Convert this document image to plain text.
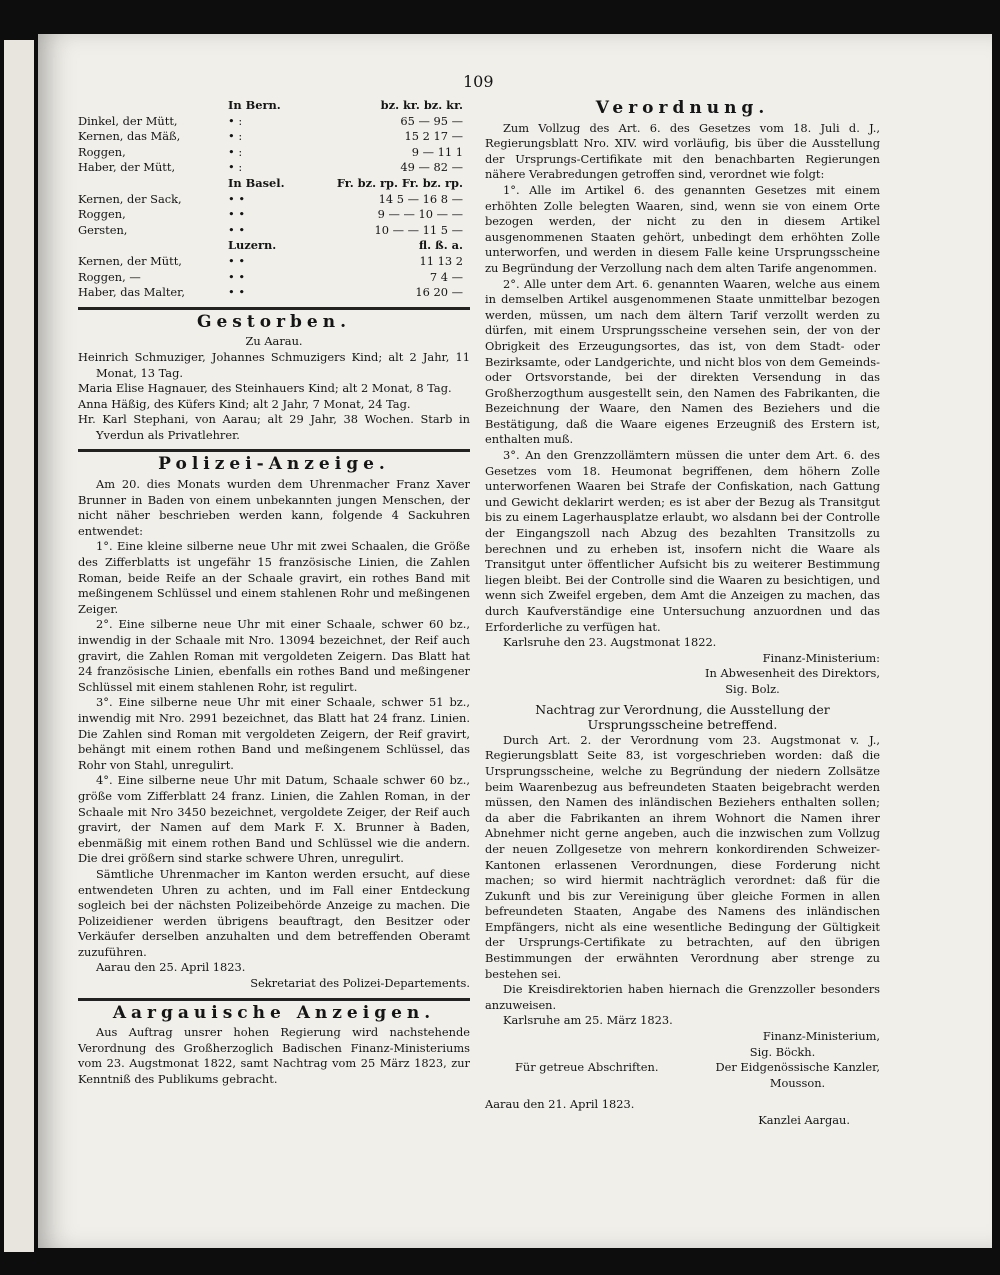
109
In Bern.	bz. kr. bz. kr.
Dinkel, der Mütt,	• :	65 — 95 —
Kernen, das Mäß,	• :	15 2 17 —
Roggen,	• :	9 — 11 1
Haber, der Mütt,	• :	49 — 82 —
In Basel.	Fr. bz. rp. Fr. bz. rp.
Kernen, der Sack,	• •	14 5 — 16 8 —
Roggen,	• •	9 — — 10 — —
Gersten,	• •	10 — — 11 5 —
Luzern.	fl. ß. a.
Kernen, der Mütt,	• •	11 13 2
Roggen, —	• •	7 4 —
Haber, das Malter,	• •	16 20 —
Gestorben.
Zu Aarau.

Heinrich Schmuziger, Johannes Schmuzigers Kind; alt 2 Jahr, 11 Monat, 13 Tag.

Maria Elise Hagnauer, des Steinhauers Kind; alt 2 Monat, 8 Tag.

Anna Häßig, des Küfers Kind; alt 2 Jahr, 7 Monat, 24 Tag.

Hr. Karl Stephani, von Aarau; alt 29 Jahr, 38 Wochen. Starb in Yverdun als Privatlehrer.

Polizei-Anzeige.

Am 20. dies Monats wurden dem Uhrenmacher Franz Xaver Brunner in Baden von einem unbekannten jungen Menschen, der nicht näher beschrieben werden kann, folgende 4 Sackuhren entwendet:

1°. Eine kleine silberne neue Uhr mit zwei Schaalen, die Größe des Zifferblatts ist ungefähr 15 französische Linien, die Zahlen Roman, beide Reife an der Schaale gravirt, ein rothes Band mit meßingenem Schlüssel und einem stahlenen Rohr und meßingenen Zeiger.

2°. Eine silberne neue Uhr mit einer Schaale, schwer 60 bz., inwendig in der Schaale mit Nro. 13094 bezeichnet, der Reif auch gravirt, die Zahlen Roman mit vergoldeten Zeigern. Das Blatt hat 24 französische Linien, ebenfalls ein rothes Band und meßingener Schlüssel mit einem stahlenen Rohr, ist regulirt.

3°. Eine silberne neue Uhr mit einer Schaale, schwer 51 bz., inwendig mit Nro. 2991 bezeichnet, das Blatt hat 24 franz. Linien. Die Zahlen sind Roman mit vergoldeten Zeigern, der Reif gravirt, behängt mit einem rothen Band und meßingenem Schlüssel, das Rohr von Stahl, unregulirt.

4°. Eine silberne neue Uhr mit Datum, Schaale schwer 60 bz., größe vom Zifferblatt 24 franz. Linien, die Zahlen Roman, in der Schaale mit Nro 3450 bezeichnet, vergoldete Zeiger, der Reif auch gravirt, der Namen auf dem Mark F. X. Brunner à Baden, ebenmäßig mit einem rothen Band und Schlüssel wie die andern. Die drei größern sind starke schwere Uhren, unregulirt.

Sämtliche Uhrenmacher im Kanton werden ersucht, auf diese entwendeten Uhren zu achten, und im Fall einer Entdeckung sogleich bei der nächsten Polizeibehörde Anzeige zu machen. Die Polizeidiener werden übrigens beauftragt, den Besitzer oder Verkäufer derselben anzuhalten und dem betreffenden Oberamt zuzuführen.

Aarau den 25. April 1823.

Sekretariat des Polizei-Departements.

Aargauische Anzeigen.

Aus Auftrag unsrer hohen Regierung wird nachstehende Verordnung des Großherzoglich Badischen Finanz-Ministeriums vom 23. Augstmonat 1822, samt Nachtrag vom 25 März 1823, zur Kenntniß des Publikums gebracht.

Verordnung.

Zum Vollzug des Art. 6. des Gesetzes vom 18. Juli d. J., Regierungsblatt Nro. XIV. wird vorläufig, bis über die Ausstellung der Ursprungs-Certifikate mit den benachbarten Regierungen nähere Verabredungen getroffen sind, verordnet wie folgt:

1°. Alle im Artikel 6. des genannten Gesetzes mit einem erhöhten Zolle belegten Waaren, sind, wenn sie von einem Orte bezogen werden, der nicht zu den in diesem Artikel ausgenommenen Staaten gehört, unbedingt dem erhöhten Zolle unterworfen, und werden in diesem Falle keine Ursprungsscheine zu Begründung der Verzollung nach dem alten Tarife angenommen.

2°. Alle unter dem Art. 6. genannten Waaren, welche aus einem in demselben Artikel ausgenommenen Staate unmittelbar bezogen werden, müssen, um nach dem ältern Tarif verzollt werden zu dürfen, mit einem Ursprungsscheine versehen sein, der von der Obrigkeit des Erzeugungsortes, das ist, von dem Stadt- oder Bezirksamte, oder Landgerichte, und nicht blos von dem Gemeinds- oder Ortsvorstande, bei der direkten Versendung in das Großherzogthum ausgestellt sein, den Namen des Fabrikanten, die Bezeichnung der Waare, den Namen des Beziehers und die Bestätigung, daß die Waare eigenes Erzeugniß des Erstern ist, enthalten muß.

3°. An den Grenzzollämtern müssen die unter dem Art. 6. des Gesetzes vom 18. Heumonat begriffenen, dem höhern Zolle unterworfenen Waaren bei Strafe der Confiskation, nach Gattung und Gewicht deklarirt werden; es ist aber der Bezug als Transitgut bis zu einem Lagerhausplatze erlaubt, wo alsdann bei der Controlle der Eingangszoll nach Abzug des bezahlten Transitzolls zu berechnen und zu erheben ist, insofern nicht die Waare als Transitgut unter öffentlicher Aufsicht bis zu weiterer Bestimmung liegen bleibt. Bei der Controlle sind die Waaren zu besichtigen, und wenn sich Zweifel ergeben, dem Amt die Anzeigen zu machen, das durch Kaufverständige eine Untersuchung anzuordnen und das Erforderliche zu verfügen hat.

Karlsruhe den 23. Augstmonat 1822.

Finanz-Ministerium:

In Abwesenheit des Direktors,

Sig. Bolz.

Nachtrag zur Verordnung, die Ausstellung der Ursprungsscheine betreffend.

Durch Art. 2. der Verordnung vom 23. Augstmonat v. J., Regierungsblatt Seite 83, ist vorgeschrieben worden: daß die Ursprungsscheine, welche zu Begründung der niedern Zollsätze beim Waarenbezug aus befreundeten Staaten beigebracht werden müssen, den Namen des inländischen Beziehers enthalten sollen; da aber die Fabrikanten an ihrem Wohnort die Namen ihrer Abnehmer nicht gerne angeben, auch die inzwischen zum Vollzug der neuen Zollgesetze von mehrern konkordirenden Schweizer-Kantonen erlassenen Verordnungen, diese Forderung nicht machen; so wird hiermit nachträglich verordnet: daß für die Zukunft und bis zur Vereinigung über gleiche Formen in allen befreundeten Staaten, Angabe des Namens des inländischen Empfängers, nicht als eine wesentliche Bedingung der Gültigkeit der Ursprungs-Certifikate zu betrachten, auf den übrigen Bestimmungen der erwähnten Verordnung aber strenge zu bestehen sei.

Die Kreisdirektorien haben hiernach die Grenzzoller besonders anzuweisen.

Karlsruhe am 25. März 1823.

Finanz-Ministerium,

Sig. Böckh.

Für getreue Abschriften.	Der Eidgenössische Kanzler,

Mousson.

Aarau den 21. April 1823.

Kanzlei Aargau.
